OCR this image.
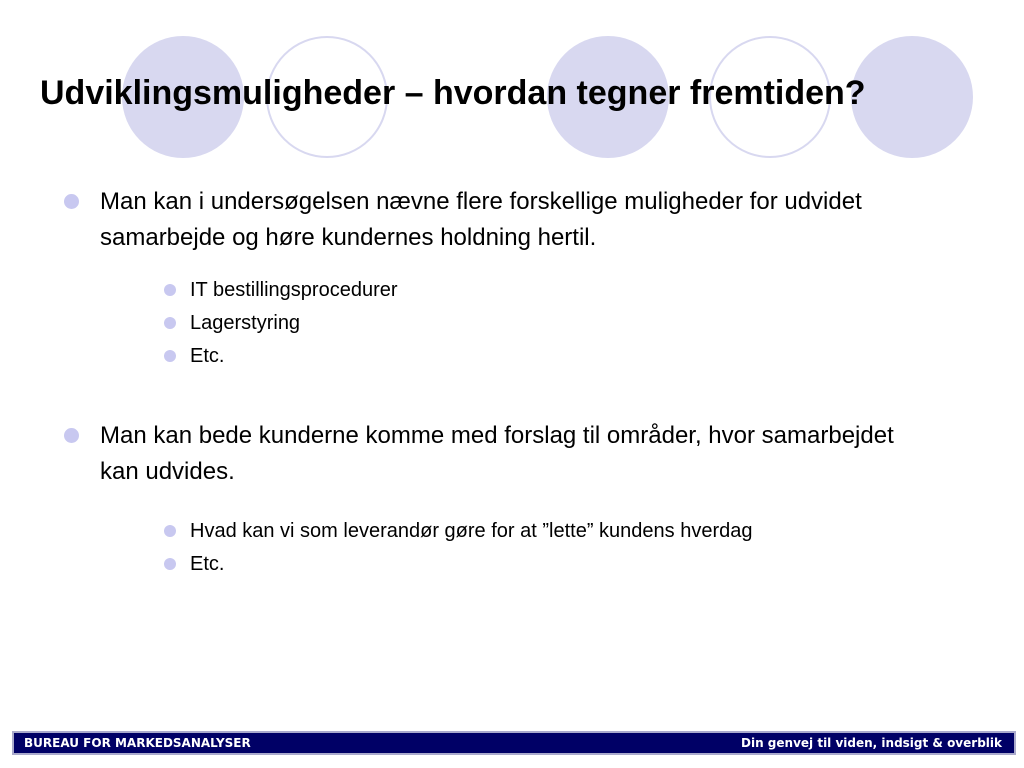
Udviklingsmuligheder – hvordan tegner fremtiden?
Man kan i undersøgelsen nævne flere forskellige muligheder for udvidet samarbejde og høre kundernes holdning hertil.
IT bestillingsprocedurer
Lagerstyring
Etc.
Man kan bede kunderne komme med forslag til områder, hvor samarbejdet kan udvides.
Hvad kan vi som leverandør gøre for at ”lette” kundens hverdag
Etc.
BUREAU FOR MARKEDSANALYSER	Din genvej til viden, indsigt & overblik
